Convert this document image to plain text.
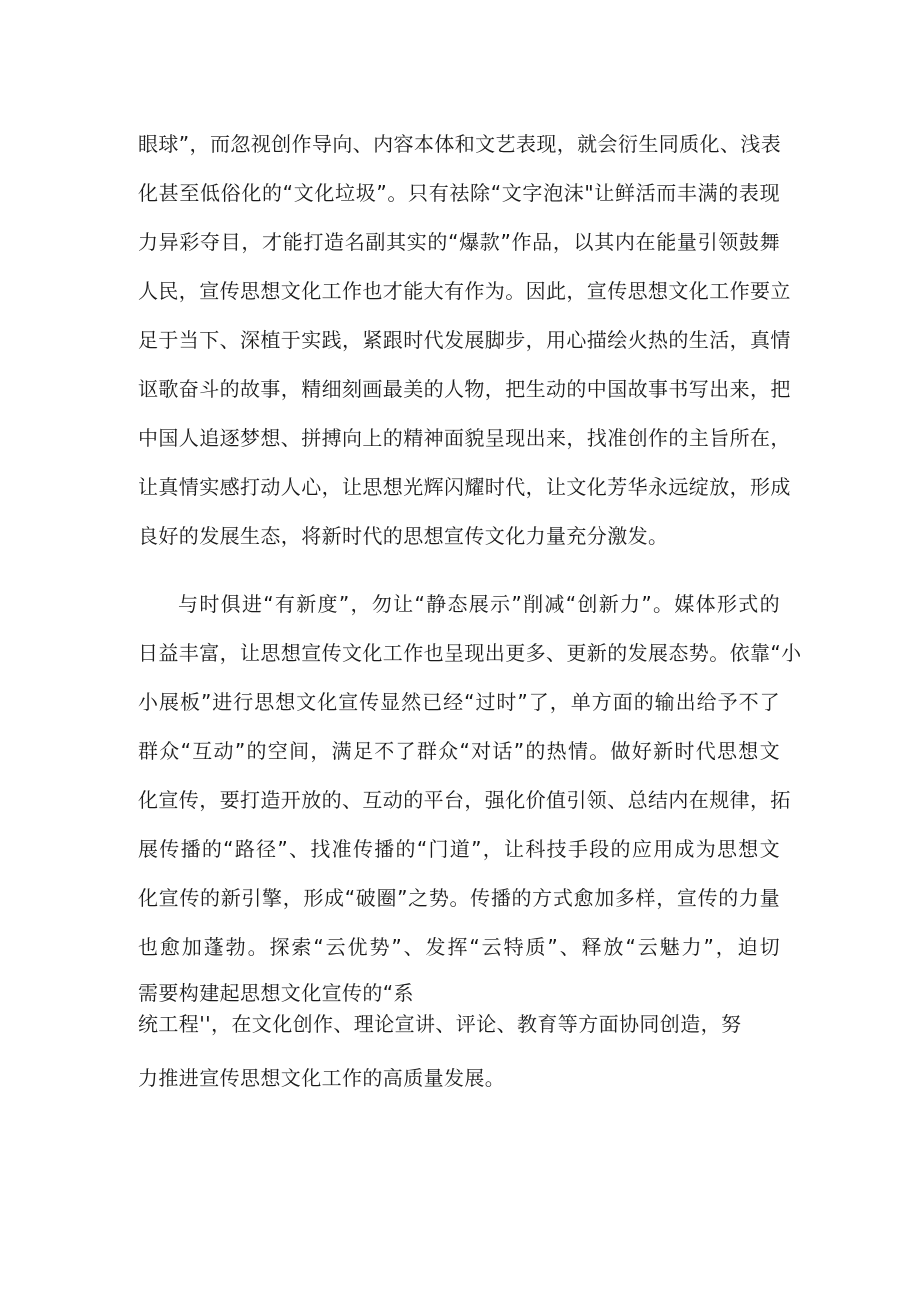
眼球”，而忽视创作导向、内容本体和文艺表现，就会衍生同质化、浅表
化甚至低俗化的“文化垃圾”。只有祛除“文字泡沫"让鲜活而丰满的表现
力异彩夺目，才能打造名副其实的“爆款”作品，以其内在能量引领鼓舞
人民，宣传思想文化工作也才能大有作为。因此，宣传思想文化工作要立
足于当下、深植于实践，紧跟时代发展脚步，用心描绘火热的生活，真情
讴歌奋斗的故事，精细刻画最美的人物，把生动的中国故事书写出来，把
中国人追逐梦想、拼搏向上的精神面貌呈现出来，找准创作的主旨所在，
让真情实感打动人心，让思想光辉闪耀时代，让文化芳华永远绽放，形成
良好的发展生态，将新时代的思想宣传文化力量充分激发。
与时俱进“有新度”，勿让“静态展示”削减“创新力”。媒体形式的
日益丰富，让思想宣传文化工作也呈现出更多、更新的发展态势。依靠“小
小展板”进行思想文化宣传显然已经“过时”了，单方面的输出给予不了
群众“互动”的空间，满足不了群众“对话”的热情。做好新时代思想文
化宣传，要打造开放的、互动的平台，强化价值引领、总结内在规律，拓
展传播的“路径”、找准传播的“门道”，让科技手段的应用成为思想文
化宣传的新引擎，形成“破圈”之势。传播的方式愈加多样，宣传的力量
也愈加蓬勃。探索“云优势”、发挥“云特质”、释放“云魅力”，迫切
需要构建起思想文化宣传的“系
统工程''，在文化创作、理论宣讲、评论、教育等方面协同创造，努
力推进宣传思想文化工作的高质量发展。
